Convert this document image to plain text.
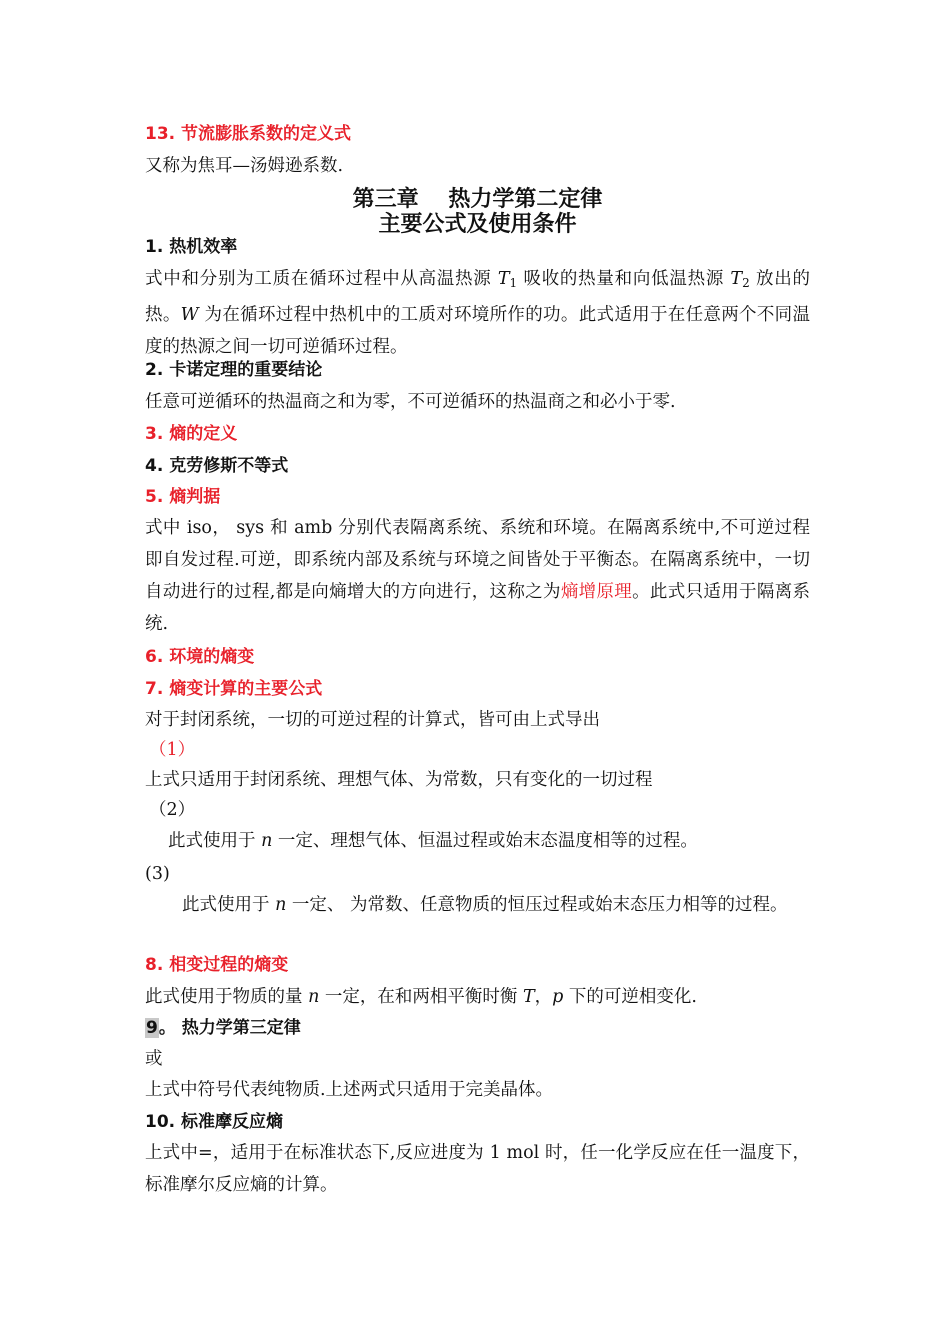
13. 节流膨胀系数的定义式
又称为焦耳—汤姆逊系数.
第三章　 热力学第二定律
主要公式及使用条件
1. 热机效率
式中和分别为工质在循环过程中从高温热源 $T_1$ 吸收的热量和向低温热源 $T_2$ 放出的热。W 为在循环过程中热机中的工质对环境所作的功。此式适用于在任意两个不同温度的热源之间一切可逆循环过程。
2. 卡诺定理的重要结论
任意可逆循环的热温商之和为零，不可逆循环的热温商之和必小于零.
3. 熵的定义
4. 克劳修斯不等式
5. 熵判据
式中 iso， sys 和 amb 分别代表隔离系统、系统和环境。在隔离系统中,不可逆过程即自发过程.可逆，即系统内部及系统与环境之间皆处于平衡态。在隔离系统中，一切自动进行的过程,都是向熵增大的方向进行，这称之为熵增原理。此式只适用于隔离系统.
6. 环境的熵变
7. 熵变计算的主要公式
对于封闭系统，一切的可逆过程的计算式，皆可由上式导出
（1）
上式只适用于封闭系统、理想气体、为常数，只有变化的一切过程
（2）
此式使用于 n 一定、理想气体、恒温过程或始末态温度相等的过程。
(3)
此式使用于 n 一定、 为常数、任意物质的恒压过程或始末态压力相等的过程。
8. 相变过程的熵变
此式使用于物质的量 n 一定，在和两相平衡时衡 T，p 下的可逆相变化.
9。 热力学第三定律
或
上式中符号代表纯物质.上述两式只适用于完美晶体。
10. 标准摩反应熵
上式中=，适用于在标准状态下,反应进度为 1 mol 时，任一化学反应在任一温度下，标准摩尔反应熵的计算。
